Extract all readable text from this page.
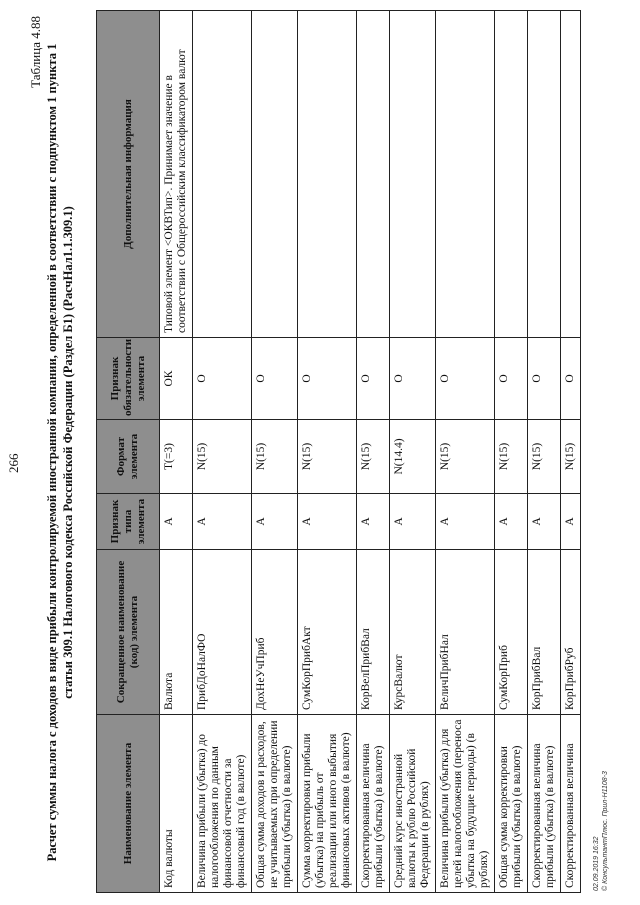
266
Таблица 4.88 Расчет суммы налога с доходов в виде прибыли контролируемой иностранной компании, определенной в соответствии с подпунктом 1 пункта 1 статьи 309.1 Налогового кодекса Российской Федерации (Раздел Б1) (РасчНал1.1.309.1)
Наименование элемента	Сокращенное наименование (код) элемента	Признак типа элемента	Формат элемента	Признак обязательности элемента	Дополнительная информация
Код валюты	Валюта	А	T(=3)	ОК	Типовой элемент <ОКВТип>. Принимает значение в соответствии с Общероссийским классификатором валют
Величина прибыли (убытка) до налогообложения по данным финансовой отчетности за финансовый год (в валюте)	ПрибДоНалФО	А	N(15)	О	
Общая сумма доходов и расходов, не учитываемых при определении прибыли (убытка) (в валюте)	ДохНеУчПриб	А	N(15)	О	
Сумма корректировки прибыли (убытка) на прибыль от реализации или иного выбытия финансовых активов (в валюте)	СумКорПрибАкт	А	N(15)	О	
Скорректированная величина прибыли (убытка) (в валюте)	КорВелПрибВал	А	N(15)	О	
Средний курс иностранной валюты к рублю Российской Федерации (в рублях)	КурсВалют	А	N(14.4)	О	
Величина прибыли (убытка) для целей налогообложения (переноса убытка на будущие периоды) (в рублях)	ВеличПрибНал	А	N(15)	О	
Общая сумма корректировки прибыли (убытка) (в валюте)	СумКорПриб	А	N(15)	О	
Скорректированная величина прибыли (убытка) (в валюте)	КорПрибВал	А	N(15)	О	
Скорректированная величина	КорПрибРуб	А	N(15)	О	
02.09.2019 16:32 © КонсультантПлюс. Прил-Н1108-3
